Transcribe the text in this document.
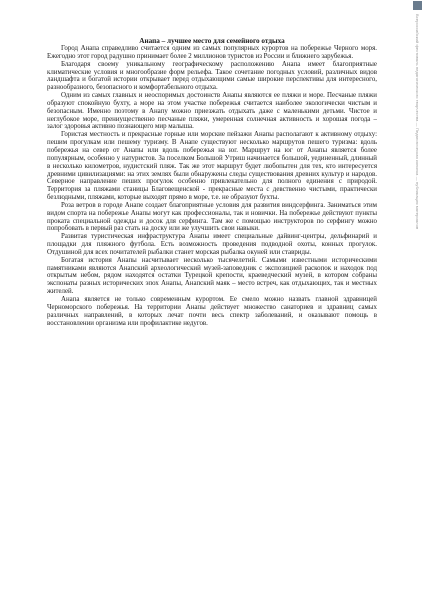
Анапа – лучшее место для семейного отдыха

Город Анапа справедливо считается одним из самых популярных курортов на побережье Черного моря. Ежегодно этот город радушно принимает более 2 миллионов туристов из России и ближнего зарубежья.

Благодаря своему уникальному географическому расположению Анапа имеет благоприятные климатические условия и многообразие форм рельефа. Такое сочетание погодных условий, различных видов ландшафта и богатой истории открывает перед отдыхающими самые широкие перспективы для интересного, разнообразного, безопасного и комфортабельного отдыха.

Одним из самых главных и неоспоримых достоинств Анапы являются ее пляжи и море. Песчаные пляжи образуют спокойную бухту, а море на этом участке побережья считается наиболее экологически чистым и безопасным. Именно поэтому в Анапу можно приезжать отдыхать даже с маленькими детьми. Чистое и неглубокое море, прениущественно песчаные пляжи, умеренная солнечная активность и хорошая погода – залог здоровья активно познающего мир малыша.

Гористая местность и прекрасные горные или морские пейзажи Анапы располагают к активному отдыху: пешим прогулкам или пешему туризму. В Анапе существуют несколько маршрутов пешего туризма: вдоль побережья на север от Анапы или вдоль побережья на юг. Маршрут на юг от Анапы является более популярным, особенно у натуристов. За поселком Большой Утриш начинается большой, уединенный, длинный в несколько километров, нудистский пляж. Так же этот маршрут будет любопытен для тех, кто интересуется древними цивилизациями: на этих землях были обнаружены следы существования древних культур и народов. Северное направление пеших прогулок особенно привлекательно для полного единения с природой. Территория за пляжами станицы Благовещенской - прекрасные места с девственно чистыми, практически безлюдными, пляжами, которые выходят прямо в море, т.е. не образуют бухты.

Роза ветров в городе Анапе создает благоприятные условия для развития виндсерфинга. Заниматься этим видом спорта на побережье Анапы могут как профессионалы, так и новички. На побережье действуют пункты проката специальной одежды и досок для серфинга. Там же с помощью инструкторов по серфингу можно попробовать в первый раз стать на доску или же улучшить свои навыки.

Развитая туристическая инфраструктура Анапы имеет специальные дайвинг-центры, дельфинарий и площадки для пляжного футбола. Есть возможность проведения подводной охоты, конных прогулок. Отдушиной для всех почитателей рыбалки станет морская рыбалка окуней или ставриды.

Богатая история Анапы насчитывает несколько тысячелетий. Самыми известными историческими памятниками являются Анапский археологический музей-заповедник с экспозицией раскопок и находок под открытым небом, рядом находятся остатки Турецкой крепости, краеведческий музей, в котором собраны экспонаты разных исторических эпох Анапы, Анапский маяк – место встреч, как отдыхающих, так и местных жителей.

Анапа является не только современным курортом. Ее смело можно назвать главной здравницей Черноморского побережья. На территории Анапы действует множество санаториев и здравниц самых различных направлений, в которых лечат почти весь спектр заболеваний, и оказывают помощь в восстановлении организма или профилактике недугов.

Всероссийский фестиваль педагогического творчества — Педагогическая копилка — публикация материалов
